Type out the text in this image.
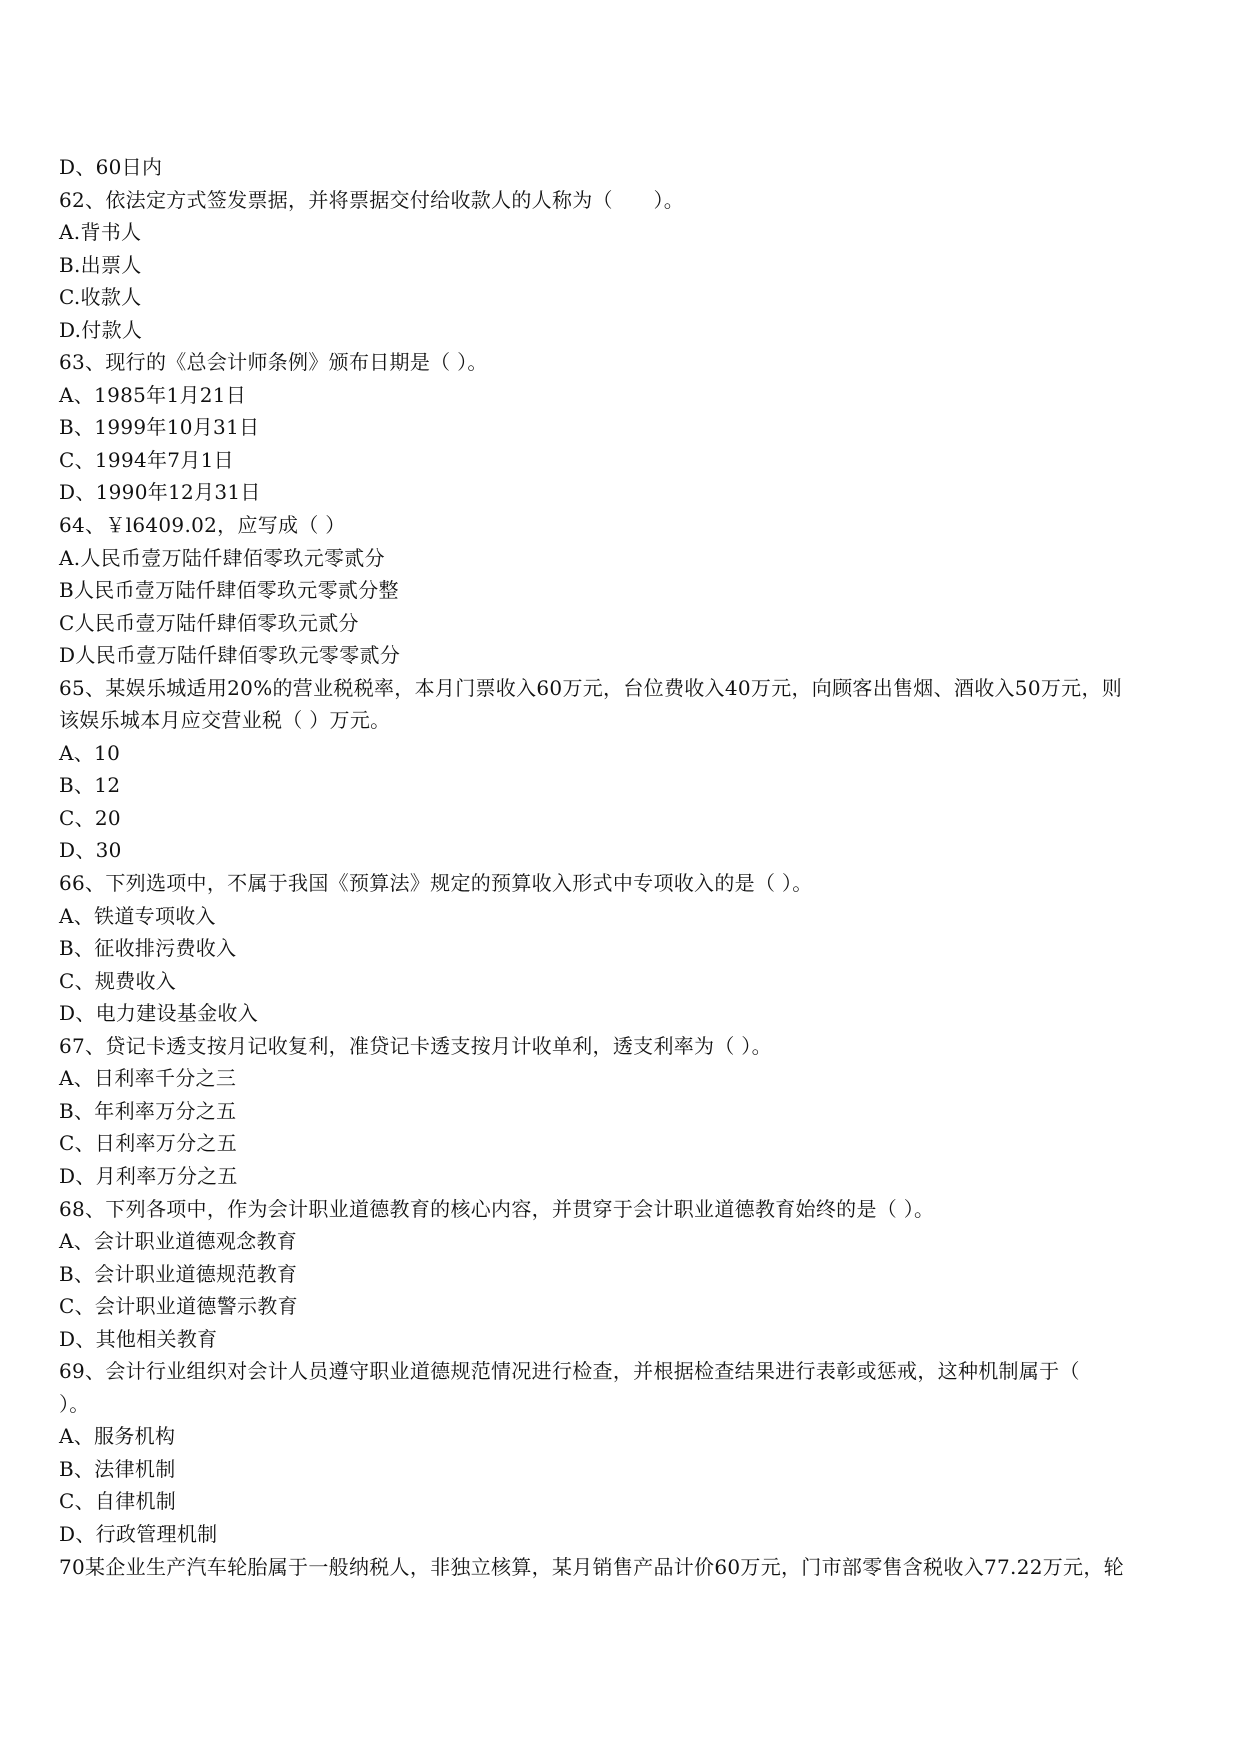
D、60日内
62、依法定方式签发票据，并将票据交付给收款人的人称为（　　）。
A.背书人
B.出票人
C.收款人
D.付款人
63、现行的《总会计师条例》颁布日期是（ ）。
A、1985年1月21日
B、1999年10月31日
C、1994年7月1日
D、1990年12月31日
64、￥l6409.02，应写成（ ）
A.人民币壹万陆仟肆佰零玖元零贰分
B人民币壹万陆仟肆佰零玖元零贰分整
C人民币壹万陆仟肆佰零玖元贰分
D人民币壹万陆仟肆佰零玖元零零贰分
65、某娱乐城适用20%的营业税税率，本月门票收入60万元，台位费收入40万元，向顾客出售烟、酒收入50万元，则
该娱乐城本月应交营业税（ ）万元。
A、10
B、12
C、20
D、30
66、下列选项中，不属于我国《预算法》规定的预算收入形式中专项收入的是（ ）。
A、铁道专项收入
B、征收排污费收入
C、规费收入
D、电力建设基金收入
67、贷记卡透支按月记收复利，准贷记卡透支按月计收单利，透支利率为（ ）。
A、日利率千分之三
B、年利率万分之五
C、日利率万分之五
D、月利率万分之五
68、下列各项中，作为会计职业道德教育的核心内容，并贯穿于会计职业道德教育始终的是（ ）。
A、会计职业道德观念教育
B、会计职业道德规范教育
C、会计职业道德警示教育
D、其他相关教育
69、会计行业组织对会计人员遵守职业道德规范情况进行检查，并根据检查结果进行表彰或惩戒，这种机制属于（
）。
A、服务机构
B、法律机制
C、自律机制
D、行政管理机制
70某企业生产汽车轮胎属于一般纳税人，非独立核算，某月销售产品计价60万元，门市部零售含税收入77.22万元，轮
